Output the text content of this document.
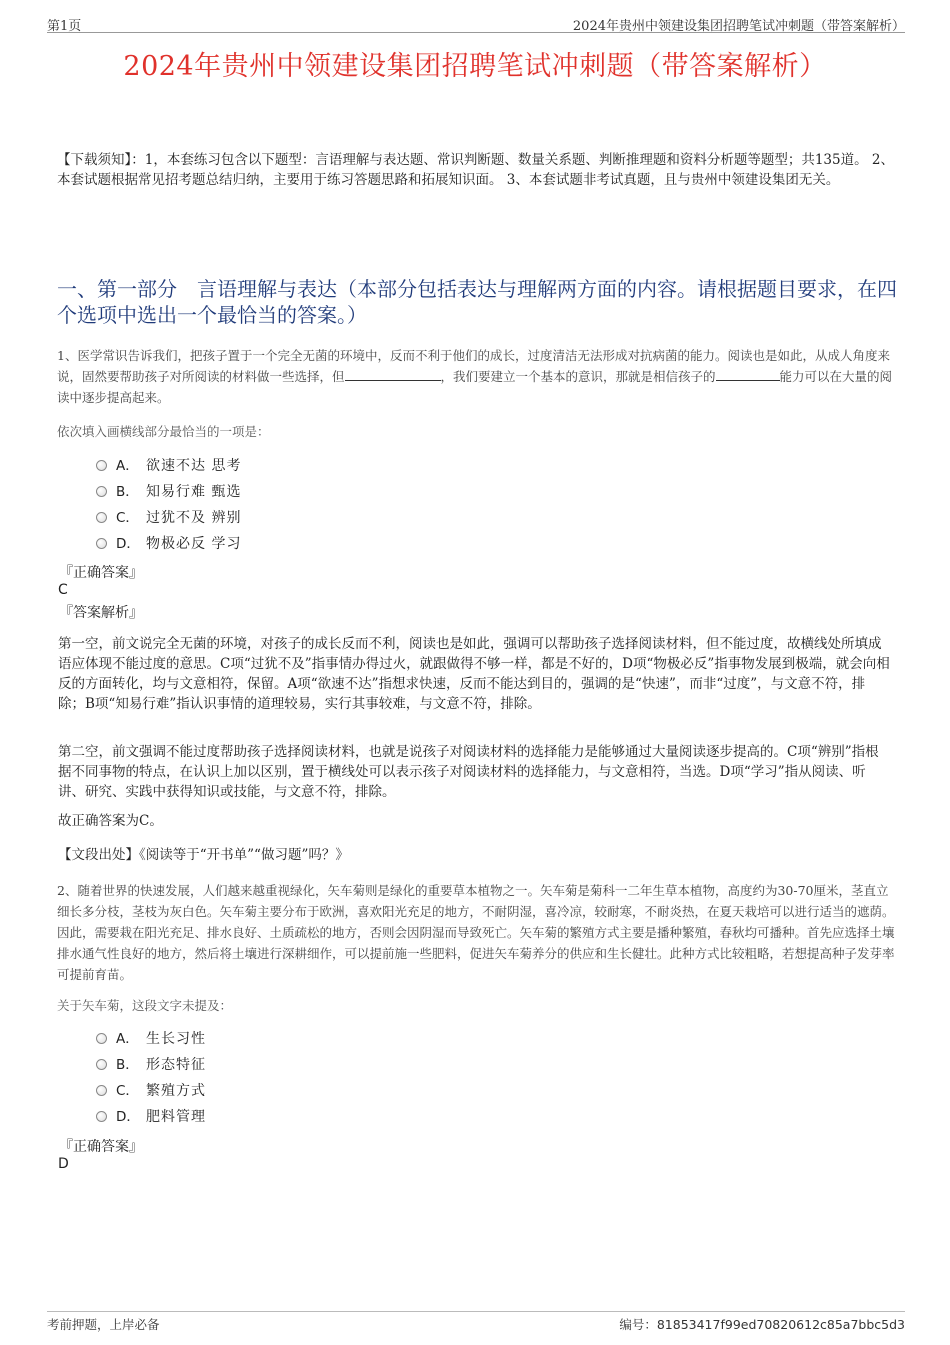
第1页	2024年贵州中领建设集团招聘笔试冲刺题（带答案解析）
2024年贵州中领建设集团招聘笔试冲刺题（带答案解析）
【下载须知】：1，本套练习包含以下题型：言语理解与表达题、常识判断题、数量关系题、判断推理题和资料分析题等题型；共135道。 2、本套试题根据常见招考题总结归纳，主要用于练习答题思路和拓展知识面。 3、本套试题非考试真题，且与贵州中领建设集团无关。
一、第一部分　言语理解与表达（本部分包括表达与理解两方面的内容。请根据题目要求，在四个选项中选出一个最恰当的答案。）
1、医学常识告诉我们，把孩子置于一个完全无菌的环境中，反而不利于他们的成长，过度清洁无法形成对抗病菌的能力。阅读也是如此，从成人角度来说，固然要帮助孩子对所阅读的材料做一些选择，但	，我们要建立一个基本的意识，那就是相信孩子的	能力可以在大量的阅读中逐步提高起来。
依次填入画横线部分最恰当的一项是：
A． 欲速不达 思考
B． 知易行难 甄选
C． 过犹不及 辨别
D． 物极必反 学习
『正确答案』
C
『答案解析』
第一空，前文说完全无菌的环境，对孩子的成长反而不利，阅读也是如此，强调可以帮助孩子选择阅读材料，但不能过度，故横线处所填成语应体现不能过度的意思。C项“过犹不及”指事情办得过火，就跟做得不够一样，都是不好的，D项“物极必反”指事物发展到极端，就会向相反的方面转化，均与文意相符，保留。A项“欲速不达”指想求快速，反而不能达到目的，强调的是“快速”，而非“过度”，与文意不符，排除；B项“知易行难”指认识事情的道理较易，实行其事较难，与文意不符，排除。
第二空，前文强调不能过度帮助孩子选择阅读材料，也就是说孩子对阅读材料的选择能力是能够通过大量阅读逐步提高的。C项“辨别”指根据不同事物的特点，在认识上加以区别，置于横线处可以表示孩子对阅读材料的选择能力，与文意相符，当选。D项“学习”指从阅读、听讲、研究、实践中获得知识或技能，与文意不符，排除。
故正确答案为C。
【文段出处】《阅读等于“开书单”“做习题”吗？》
2、随着世界的快速发展，人们越来越重视绿化，矢车菊则是绿化的重要草本植物之一。矢车菊是菊科一二年生草本植物，高度约为30-70厘米，茎直立细长多分枝，茎枝为灰白色。矢车菊主要分布于欧洲，喜欢阳光充足的地方，不耐阴湿，喜冷凉，较耐寒，不耐炎热，在夏天栽培可以进行适当的遮荫。因此，需要栽在阳光充足、排水良好、土质疏松的地方，否则会因阴湿而导致死亡。矢车菊的繁殖方式主要是播种繁殖，春秋均可播种。首先应选择土壤排水通气性良好的地方，然后将土壤进行深耕细作，可以提前施一些肥料，促进矢车菊养分的供应和生长健壮。此种方式比较粗略，若想提高种子发芽率可提前育苗。
关于矢车菊，这段文字未提及：
A． 生长习性
B． 形态特征
C． 繁殖方式
D． 肥料管理
『正确答案』
D
考前押题，上岸必备	编号：81853417f99ed70820612c85a7bbc5d3
